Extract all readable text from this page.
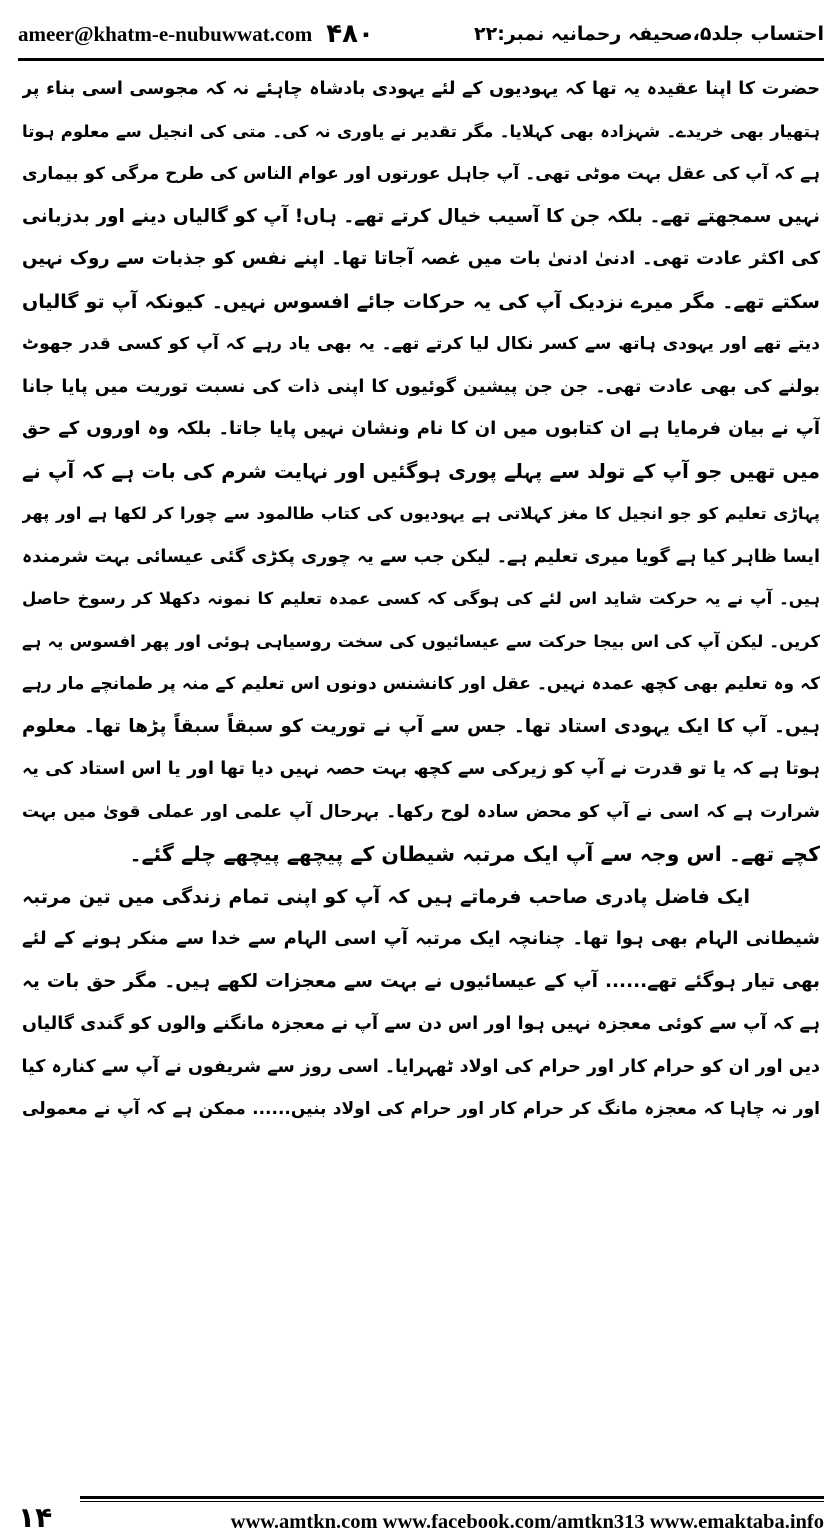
ameer@khatm-e-nubuwwat.com ۴۸۰	احتساب جلد۵،صحیفہ رحمانیہ نمبر:۲۲
حضرت کا اپنا عقیدہ یہ تھا کہ یہودیوں کے لئے یہودی بادشاہ چاہئے نہ کہ مجوسی اسی بناء پر
ہتھیار بھی خریدے۔ شہزادہ بھی کہلایا۔ مگر تقدیر نے یاوری نہ کی۔ متی کی انجیل سے معلوم ہوتا
ہے کہ آپ کی عقل بہت موٹی تھی۔ آپ جاہل عورتوں اور عوام الناس کی طرح مرگی کو بیماری
نہیں سمجھتے تھے۔ بلکہ جن کا آسیب خیال کرتے تھے۔ ہاں! آپ کو گالیاں دینے اور بدزبانی
کی اکثر عادت تھی۔ ادنیٰ ادنیٰ بات میں غصہ آجاتا تھا۔ اپنے نفس کو جذبات سے روک نہیں
سکتے تھے۔ مگر میرے نزدیک آپ کی یہ حرکات جائے افسوس نہیں۔ کیونکہ آپ تو گالیاں
دیتے تھے اور یہودی ہاتھ سے کسر نکال لیا کرتے تھے۔ یہ بھی یاد رہے کہ آپ کو کسی قدر جھوٹ
بولنے کی بھی عادت تھی۔ جن جن پیشین گوئیوں کا اپنی ذات کی نسبت توریت میں پایا جانا
آپ نے بیان فرمایا ہے ان کتابوں میں ان کا نام ونشان نہیں پایا جاتا۔ بلکہ وہ اوروں کے حق
میں تھیں جو آپ کے تولد سے پہلے پوری ہوگئیں اور نہایت شرم کی بات ہے کہ آپ نے
پہاڑی تعلیم کو جو انجیل کا مغز کہلاتی ہے یہودیوں کی کتاب طالمود سے چورا کر لکھا ہے اور پھر
ایسا ظاہر کیا ہے گویا میری تعلیم ہے۔ لیکن جب سے یہ چوری پکڑی گئی عیسائی بہت شرمندہ
ہیں۔ آپ نے یہ حرکت شاید اس لئے کی ہوگی کہ کسی عمدہ تعلیم کا نمونہ دکھلا کر رسوخ حاصل
کریں۔ لیکن آپ کی اس بیجا حرکت سے عیسائیوں کی سخت روسیاہی ہوئی اور پھر افسوس یہ ہے
کہ وہ تعلیم بھی کچھ عمدہ نہیں۔ عقل اور کانشنس دونوں اس تعلیم کے منہ پر طمانچے مار رہے
ہیں۔ آپ کا ایک یہودی استاد تھا۔ جس سے آپ نے توریت کو سبقاً سبقاً پڑھا تھا۔ معلوم
ہوتا ہے کہ یا تو قدرت نے آپ کو زیرکی سے کچھ بہت حصہ نہیں دیا تھا اور یا اس استاد کی یہ
شرارت ہے کہ اسی نے آپ کو محض سادہ لوح رکھا۔ بہرحال آپ علمی اور عملی قویٰ میں بہت
کچے تھے۔ اس وجہ سے آپ ایک مرتبہ شیطان کے پیچھے پیچھے چلے گئے۔
ایک فاضل پادری صاحب فرماتے ہیں کہ آپ کو اپنی تمام زندگی میں تین مرتبہ
شیطانی الہام بھی ہوا تھا۔ چنانچہ ایک مرتبہ آپ اسی الہام سے خدا سے منکر ہونے کے لئے
بھی تیار ہوگئے تھے...... آپ کے عیسائیوں نے بہت سے معجزات لکھے ہیں۔ مگر حق بات یہ
ہے کہ آپ سے کوئی معجزہ نہیں ہوا اور اس دن سے آپ نے معجزہ مانگنے والوں کو گندی گالیاں
دیں اور ان کو حرام کار اور حرام کی اولاد ٹھہرایا۔ اسی روز سے شریفوں نے آپ سے کنارہ کیا
اور نہ چاہا کہ معجزہ مانگ کر حرام کار اور حرام کی اولاد بنیں...... ممکن ہے کہ آپ نے معمولی
۱۴	www.amtkn.com www.facebook.com/amtkn313 www.emaktaba.info
